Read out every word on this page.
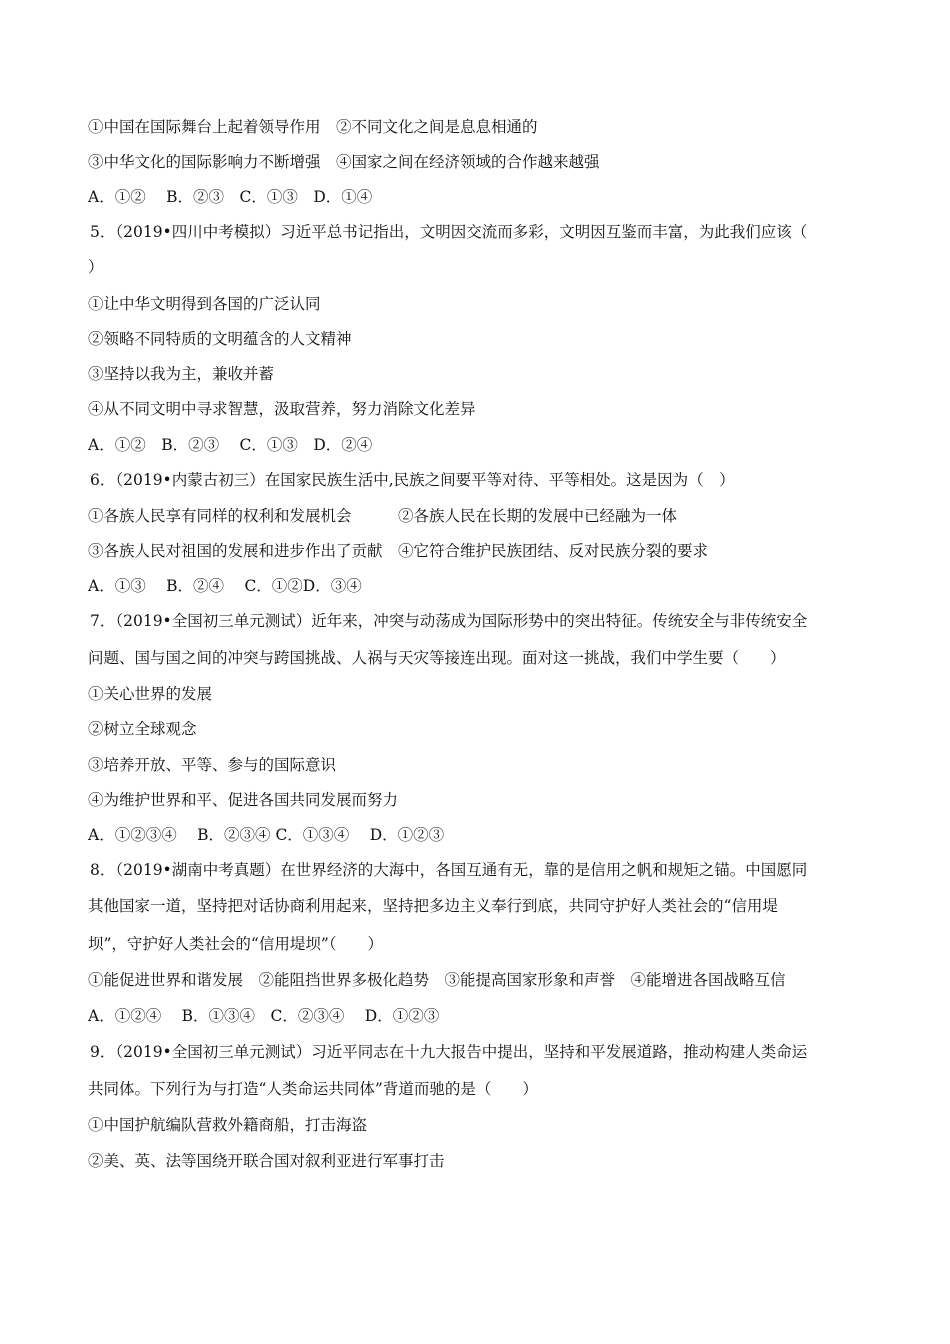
①中国在国际舞台上起着领导作用　②不同文化之间是息息相通的
③中华文化的国际影响力不断增强　④国家之间在经济领域的合作越来越强
A．①②　 B．②③　C．①③　D．①④
5．（2019•四川中考模拟）习近平总书记指出，文明因交流而多彩，文明因互鉴而丰富，为此我们应该（
）
①让中华文明得到各国的广泛认同
②领略不同特质的文明蕴含的人文精神
③坚持以我为主，兼收并蓄
④从不同文明中寻求智慧，汲取营养，努力消除文化差异
A．①②　B．②③　 C．①③　D．②④
6．（2019•内蒙古初三）在国家民族生活中,民族之间要平等对待、平等相处。这是因为（　）
①各族人民享有同样的权利和发展机会　　　②各族人民在长期的发展中已经融为一体
③各族人民对祖国的发展和进步作出了贡献　④它符合维护民族团结、反对民族分裂的要求
A．①③　 B．②④　 C．①②D．③④
7．（2019•全国初三单元测试）近年来，冲突与动荡成为国际形势中的突出特征。传统安全与非传统安全
问题、国与国之间的冲突与跨国挑战、人祸与天灾等接连出现。面对这一挑战，我们中学生要（　　）
①关心世界的发展
②树立全球观念
③培养开放、平等、参与的国际意识
④为维护世界和平、促进各国共同发展而努力
A．①②③④　 B．②③④ C．①③④　 D．①②③
8．（2019•湖南中考真题）在世界经济的大海中，各国互通有无，靠的是信用之帆和规矩之锚。中国愿同
其他国家一道，坚持把对话协商利用起来，坚持把多边主义奉行到底，共同守护好人类社会的“信用堤
坝”，守护好人类社会的“信用堤坝”（　　）
①能促进世界和谐发展　②能阻挡世界多极化趋势　③能提高国家形象和声誉　④能增进各国战略互信
A．①②④　 B．①③④　C．②③④　 D．①②③
9．（2019•全国初三单元测试）习近平同志在十九大报告中提出，坚持和平发展道路，推动构建人类命运
共同体。下列行为与打造“人类命运共同体”背道而驰的是（　　）
①中国护航编队营救外籍商船，打击海盗
②美、英、法等国绕开联合国对叙利亚进行军事打击
